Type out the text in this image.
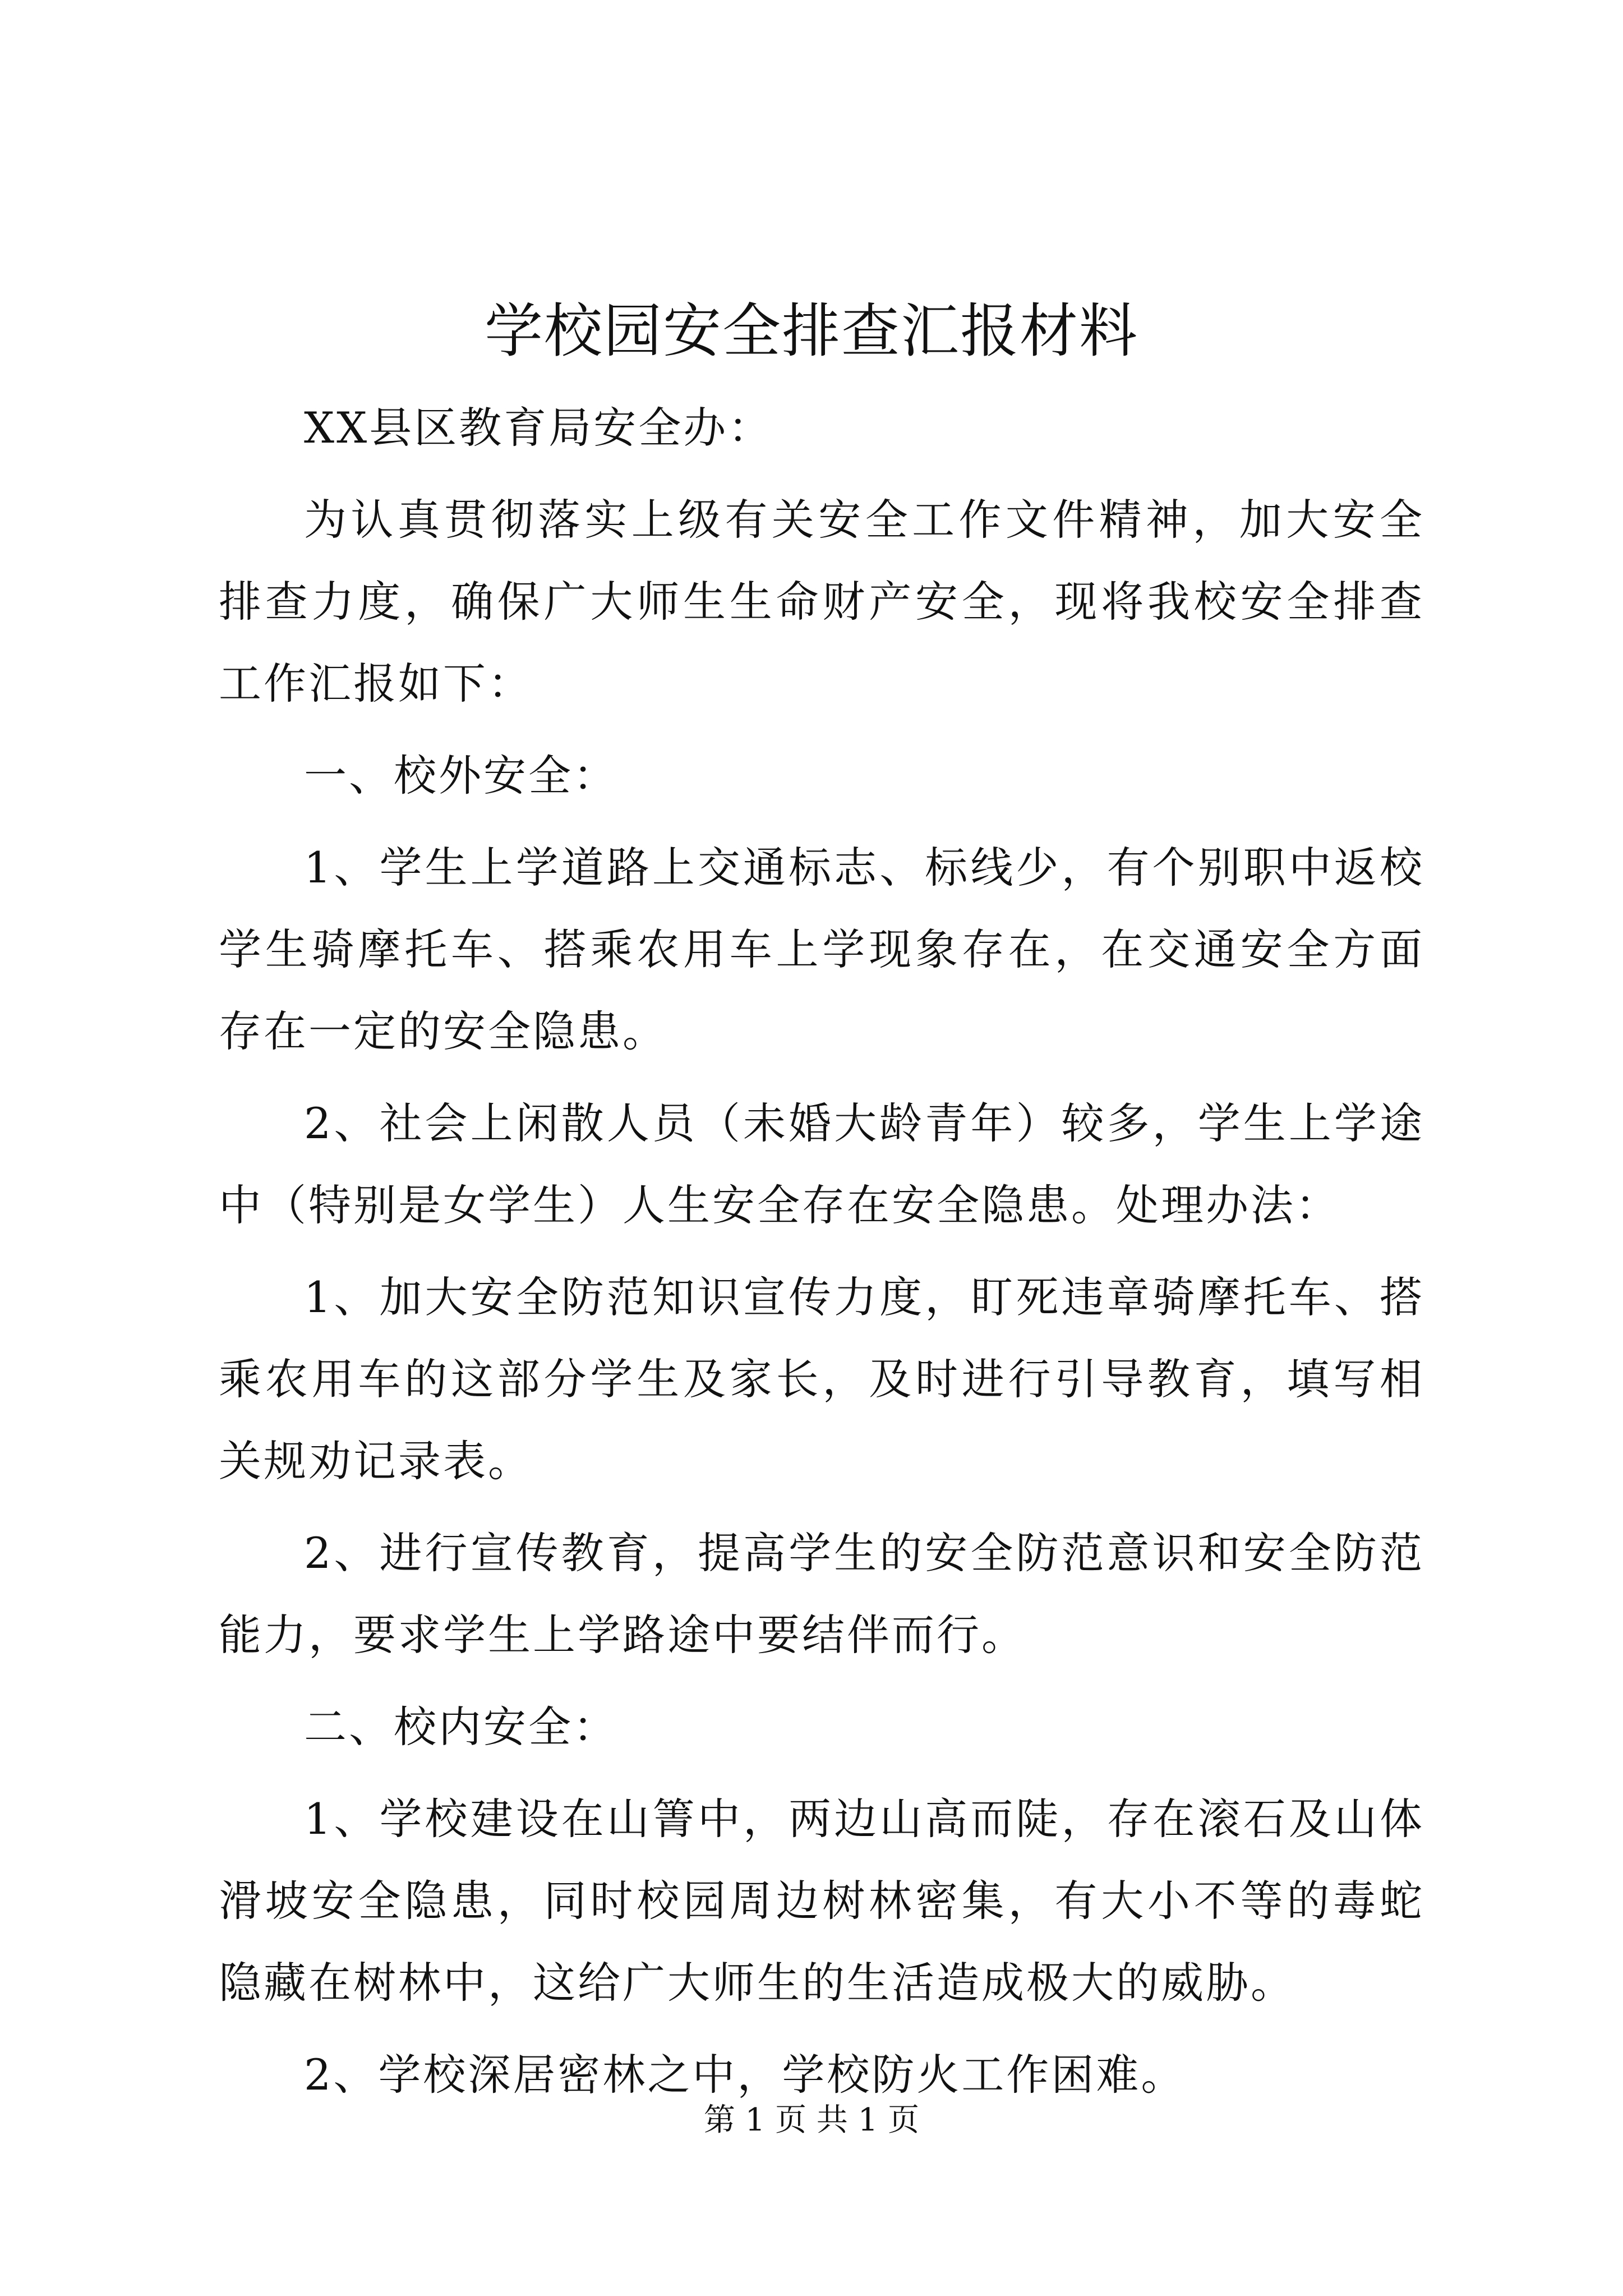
学校园安全排查汇报材料

XX县区教育局安全办：

为认真贯彻落实上级有关安全工作文件精神，加大安全排查力度，确保广大师生生命财产安全，现将我校安全排查工作汇报如下：

一、校外安全：

1、学生上学道路上交通标志、标线少，有个别职中返校学生骑摩托车、搭乘农用车上学现象存在，在交通安全方面存在一定的安全隐患。

2、社会上闲散人员（未婚大龄青年）较多，学生上学途中（特别是女学生）人生安全存在安全隐患。处理办法：

1、加大安全防范知识宣传力度，盯死违章骑摩托车、搭乘农用车的这部分学生及家长，及时进行引导教育，填写相关规劝记录表。

2、进行宣传教育，提高学生的安全防范意识和安全防范能力，要求学生上学路途中要结伴而行。

二、校内安全：

1、学校建设在山箐中，两边山高而陡，存在滚石及山体滑坡安全隐患，同时校园周边树林密集，有大小不等的毒蛇隐藏在树林中，这给广大师生的生活造成极大的威胁。

2、学校深居密林之中，学校防火工作困难。

第 1 页 共 1 页
